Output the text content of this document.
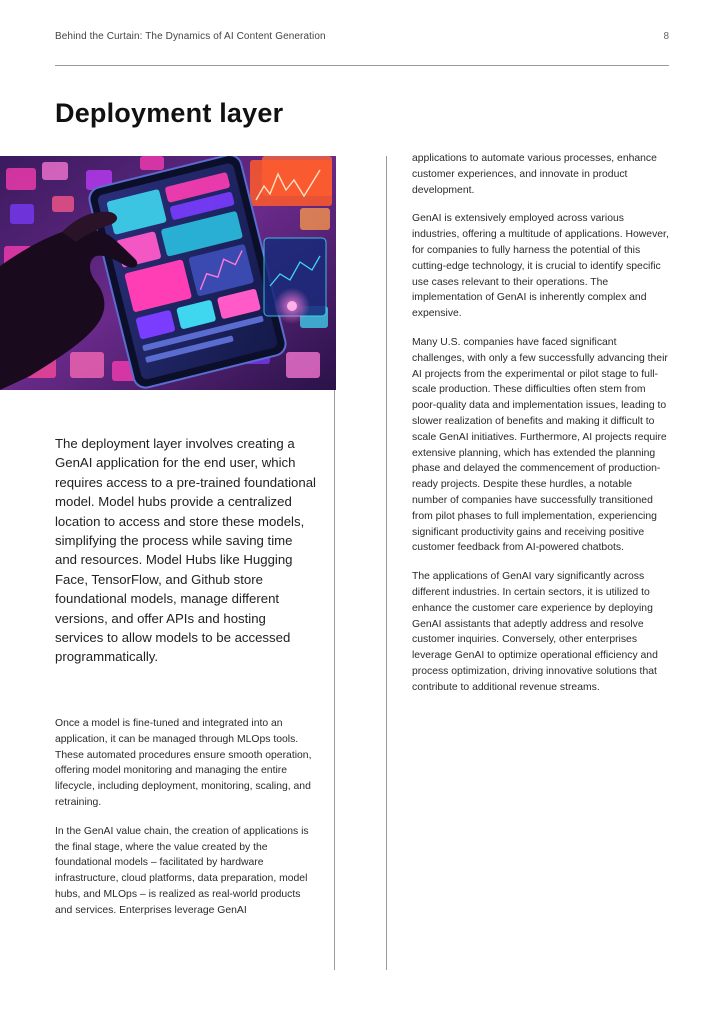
Behind the Curtain: The Dynamics of AI Content Generation	8
Deployment layer

The deployment layer involves creating a GenAI application for the end user, which requires access to a pre-trained foundational model. Model hubs provide a centralized location to access and store these models, simplifying the process while saving time and resources. Model Hubs like Hugging Face, TensorFlow, and Github store foundational models, manage different versions, and offer APIs and hosting services to allow models to be accessed programmatically.

Once a model is fine-tuned and integrated into an application, it can be managed through MLOps tools. These automated procedures ensure smooth operation, offering model monitoring and managing the entire lifecycle, including deployment, monitoring, scaling, and retraining.

In the GenAI value chain, the creation of applications is the final stage, where the value created by the foundational models – facilitated by hardware infrastructure, cloud platforms, data preparation, model hubs, and MLOps – is realized as real-world products and services. Enterprises leverage GenAI

applications to automate various processes, enhance customer experiences, and innovate in product development.

GenAI is extensively employed across various industries, offering a multitude of applications. However, for companies to fully harness the potential of this cutting-edge technology, it is crucial to identify specific use cases relevant to their operations. The implementation of GenAI is inherently complex and expensive.

Many U.S. companies have faced significant challenges, with only a few successfully advancing their AI projects from the experimental or pilot stage to full-scale production. These difficulties often stem from poor-quality data and implementation issues, leading to slower realization of benefits and making it difficult to scale GenAI initiatives. Furthermore, AI projects require extensive planning, which has extended the planning phase and delayed the commencement of production-ready projects. Despite these hurdles, a notable number of companies have successfully transitioned from pilot phases to full implementation, experiencing significant productivity gains and receiving positive customer feedback from AI-powered chatbots.

The applications of GenAI vary significantly across different industries. In certain sectors, it is utilized to enhance the customer care experience by deploying GenAI assistants that adeptly address and resolve customer inquiries. Conversely, other enterprises leverage GenAI to optimize operational efficiency and process optimization, driving innovative solutions that contribute to additional revenue streams.
